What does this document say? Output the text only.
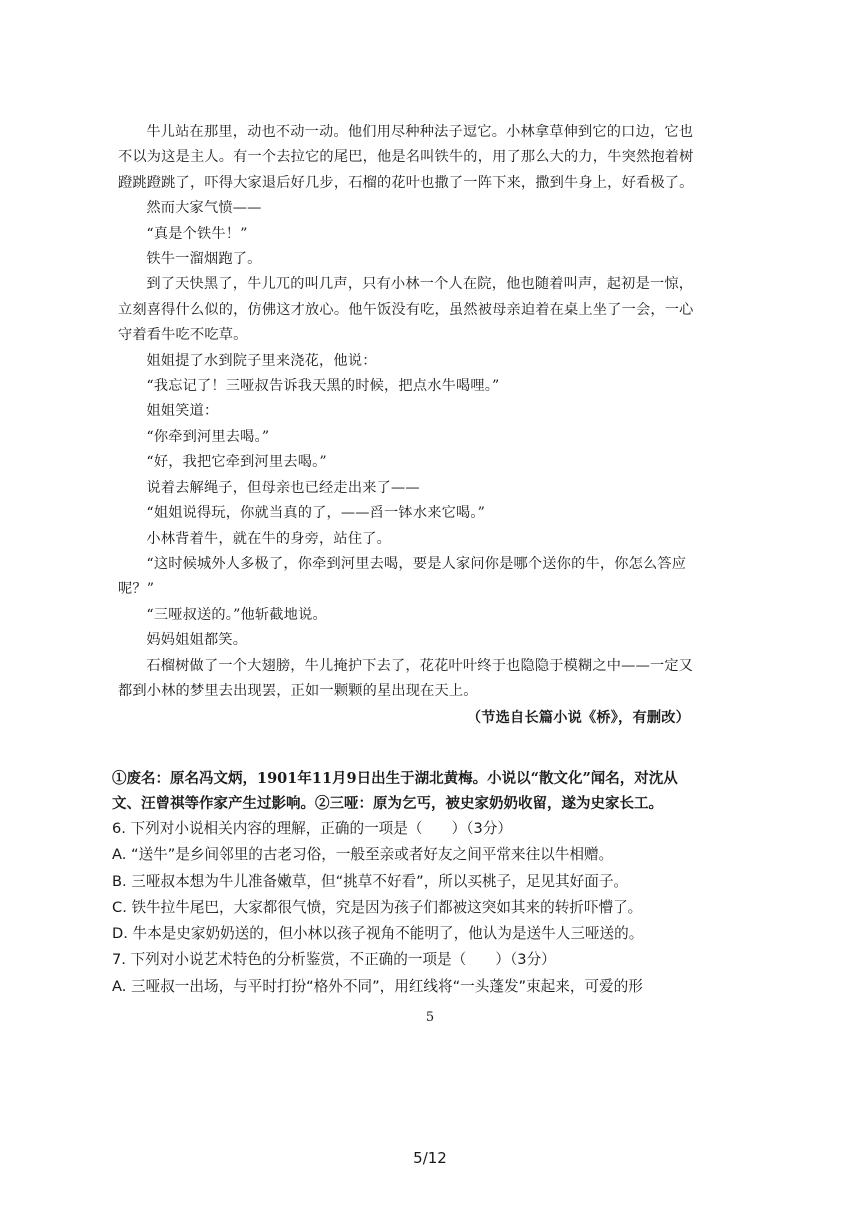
牛儿站在那里，动也不动一动。他们用尽种种法子逗它。小林拿草伸到它的口边，它也不以为这是主人。有一个去拉它的尾巴，他是名叫铁牛的，用了那么大的力，牛突然抱着树蹬跳蹬跳了，吓得大家退后好几步，石榴的花叶也撒了一阵下来，撒到牛身上，好看极了。

然而大家气愤——

“真是个铁牛！”

铁牛一溜烟跑了。

到了天快黑了，牛儿兀的叫几声，只有小林一个人在院，他也随着叫声，起初是一惊，立刻喜得什么似的，仿佛这才放心。他午饭没有吃，虽然被母亲迫着在桌上坐了一会，一心守着看牛吃不吃草。

姐姐提了水到院子里来浇花，他说：

“我忘记了！三哑叔告诉我天黑的时候，把点水牛喝哩。”

姐姐笑道：

“你牵到河里去喝。”

“好，我把它牵到河里去喝。”

说着去解绳子，但母亲也已经走出来了——

“姐姐说得玩，你就当真的了，——舀一钵水来它喝。”

小林背着牛，就在牛的身旁，站住了。

“这时候城外人多极了，你牵到河里去喝，要是人家问你是哪个送你的牛，你怎么答应呢？”

“三哑叔送的。”他斩截地说。

妈妈姐姐都笑。

石榴树做了一个大翅膀，牛儿掩护下去了，花花叶叶终于也隐隐于模糊之中——一定又都到小林的梦里去出现罢，正如一颗颗的星出现在天上。

（节选自长篇小说《桥》，有删改）

①废名：原名冯文炳，1901年11月9日出生于湖北黄梅。小说以“散文化”闻名，对沈从文、汪曾祺等作家产生过影响。②三哑：原为乞丐，被史家奶奶收留，遂为史家长工。

6. 下列对小说相关内容的理解，正确的一项是（　　）（3分）

A. “送牛”是乡间邻里的古老习俗，一般至亲或者好友之间平常来往以牛相赠。

B. 三哑叔本想为牛儿准备嫩草，但“挑草不好看”，所以买桃子，足见其好面子。

C. 铁牛拉牛尾巴，大家都很气愤，究是因为孩子们都被这突如其来的转折吓懵了。

D. 牛本是史家奶奶送的，但小林以孩子视角不能明了，他认为是送牛人三哑送的。

7. 下列对小说艺术特色的分析鉴赏，不正确的一项是（　　）（3分）

A. 三哑叔一出场，与平时打扮“格外不同”，用红线将“一头蓬发”束起来，可爱的形

5
5/12
